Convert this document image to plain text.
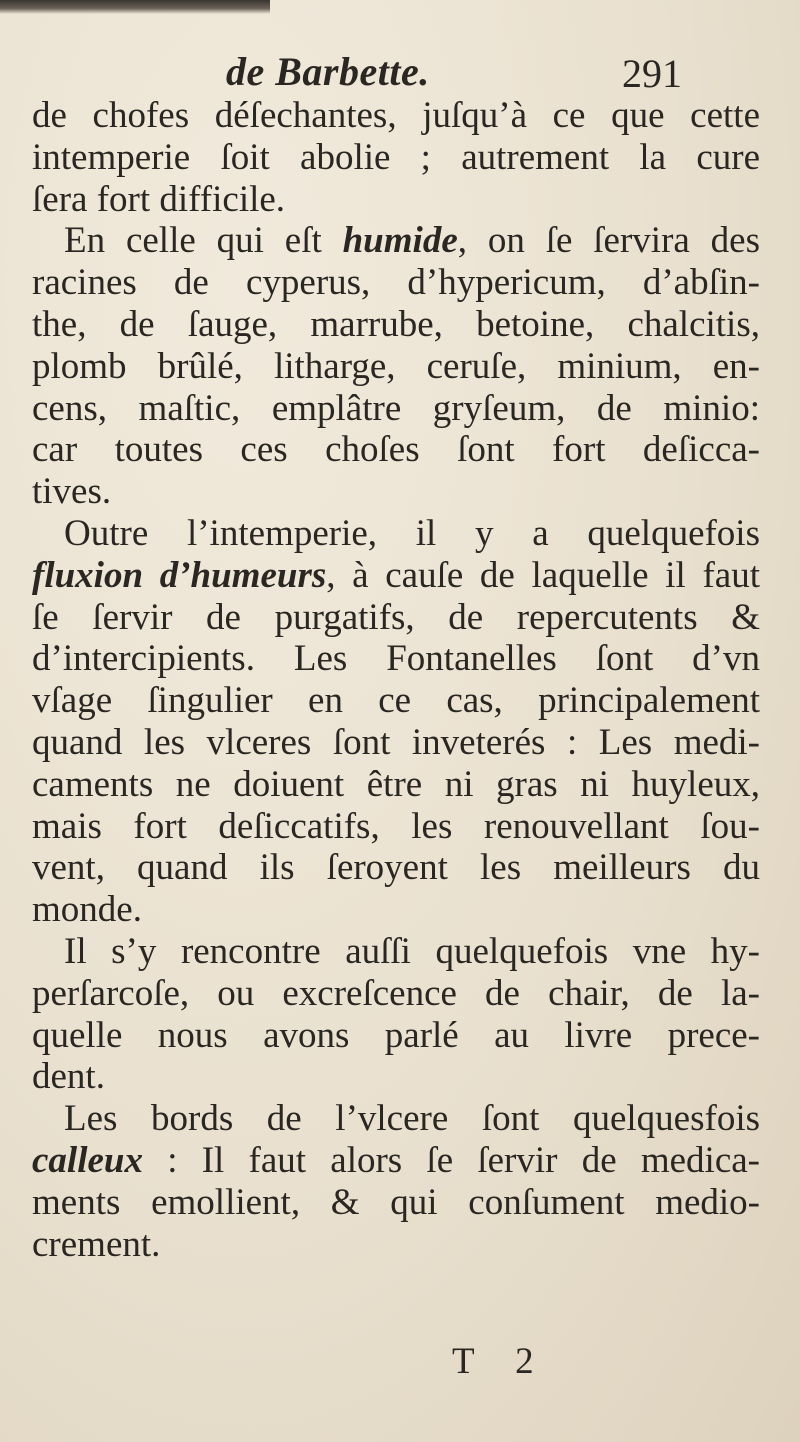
de Barbette.	291
de chofes déſechantes, juſqu’à ce que cette
intemperie ſoit abolie ; autrement la cure
ſera fort difficile.
En celle qui eſt humide, on ſe ſervira des
racines de cyperus, d’hypericum, d’abſin-
the, de ſauge, marrube, betoine, chalcitis,
plomb brûlé, litharge, ceruſe, minium, en-
cens, maſtic, emplâtre gryſeum, de minio:
car toutes ces choſes ſont fort deſicca-
tives.
Outre l’intemperie, il y a quelquefois
fluxion d’humeurs, à cauſe de laquelle il faut
ſe ſervir de purgatifs, de repercutents &
d’intercipients. Les Fontanelles ſont d’vn
vſage ſingulier en ce cas, principalement
quand les vlceres ſont inveterés : Les medi-
caments ne doiuent être ni gras ni huyleux,
mais fort deſiccatifs, les renouvellant ſou-
vent, quand ils ſeroyent les meilleurs du
monde.
Il s’y rencontre auſſi quelquefois vne hy-
perſarcoſe, ou excreſcence de chair, de la-
quelle nous avons parlé au livre prece-
dent.
Les bords de l’vlcere ſont quelquesfois
calleux : Il faut alors ſe ſervir de medica-
ments emollient, & qui conſument medio-
crement.
T 2
